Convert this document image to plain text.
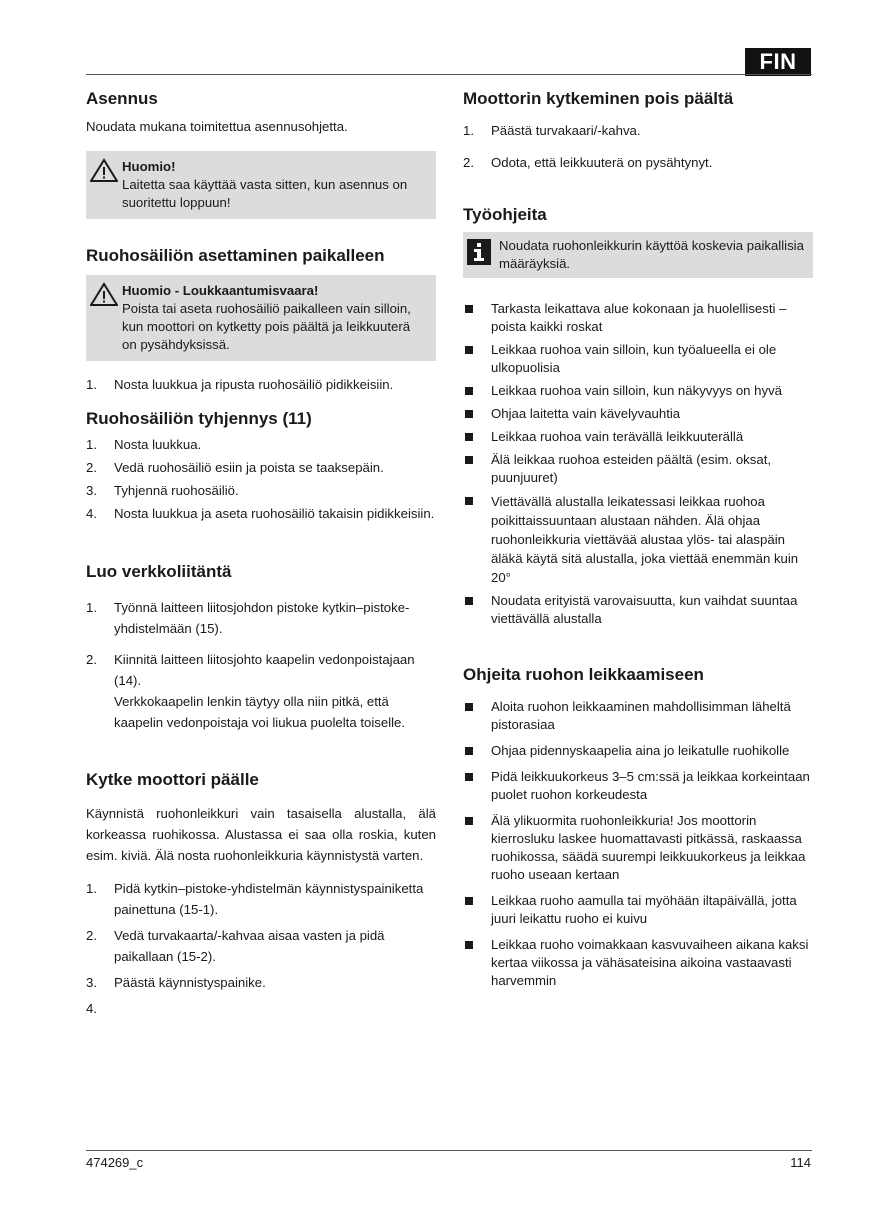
FIN
Asennus

Noudata mukana toimitettua asennusohjetta.

Huomio!
Laitetta saa käyttää vasta sitten, kun asennus on suoritettu loppuun!
Ruohosäiliön asettaminen paikalleen
Huomio - Loukkaantumisvaara!
Poista tai aseta ruohosäiliö paikalleen vain silloin, kun moottori on kytketty pois päältä ja leikkuuterä on pysähdyksissä.
1. Nosta luukkua ja ripusta ruohosäiliö pidikkeisiin.
Ruohosäiliön tyhjennys (11)
1. Nosta luukkua.
2. Vedä ruohosäiliö esiin ja poista se taaksepäin.
3. Tyhjennä ruohosäiliö.
4. Nosta luukkua ja aseta ruohosäiliö takaisin pidikkeisiin.
Luo verkkoliitäntä
1. Työnnä laitteen liitosjohdon pistoke kytkin–pistoke-yhdistelmään (15).
2. Kiinnitä laitteen liitosjohto kaapelin vedonpoistajaan (14).
Verkkokaapelin lenkin täytyy olla niin pitkä, että kaapelin vedonpoistaja voi liukua puolelta toiselle.
Kytke moottori päälle

Käynnistä ruohonleikkuri vain tasaisella alustalla, älä korkeassa ruohikossa. Alustassa ei saa olla roskia, kuten esim. kiviä. Älä nosta ruohonleikkuria käynnistystä varten.

1. Pidä kytkin–pistoke-yhdistelmän käynnistyspainiketta painettuna (15-1).
2. Vedä turvakaarta/-kahvaa aisaa vasten ja pidä paikallaan (15-2).
3. Päästä käynnistyspainike.
4.
Moottorin kytkeminen pois päältä
1. Päästä turvakaari/-kahva.
2. Odota, että leikkuuterä on pysähtynyt.
Työohjeita
Noudata ruohonleikkurin käyttöä koskevia paikallisia määräyksiä.
Tarkasta leikattava alue kokonaan ja huolellisesti – poista kaikki roskat
Leikkaa ruohoa vain silloin, kun työalueella ei ole ulkopuolisia
Leikkaa ruohoa vain silloin, kun näkyvyys on hyvä
Ohjaa laitetta vain kävelyvauhtia
Leikkaa ruohoa vain terävällä leikkuuterällä
Älä leikkaa ruohoa esteiden päältä (esim. oksat, puunjuuret)
Viettävällä alustalla leikatessasi leikkaa ruohoa poikittaissuuntaan alustaan nähden. Älä ohjaa ruohonleikkuria viettävää alustaa ylös- tai alaspäin äläkä käytä sitä alustalla, joka viettää enemmän kuin 20°
Noudata erityistä varovaisuutta, kun vaihdat suuntaa viettävällä alustalla
Ohjeita ruohon leikkaamiseen
Aloita ruohon leikkaaminen mahdollisimman läheltä pistorasiaa
Ohjaa pidennyskaapelia aina jo leikatulle ruohikolle
Pidä leikkuukorkeus 3–5 cm:ssä ja leikkaa korkeintaan puolet ruohon korkeudesta
Älä ylikuormita ruohonleikkuria! Jos moottorin kierrosluku laskee huomattavasti pitkässä, raskaassa ruohikossa, säädä suurempi leikkuukorkeus ja leikkaa ruoho useaan kertaan
Leikkaa ruoho aamulla tai myöhään iltapäivällä, jotta juuri leikattu ruoho ei kuivu
Leikkaa ruoho voimakkaan kasvuvaiheen aikana kaksi kertaa viikossa ja vähäsateisina aikoina vastaavasti harvemmin
474269_c	114
